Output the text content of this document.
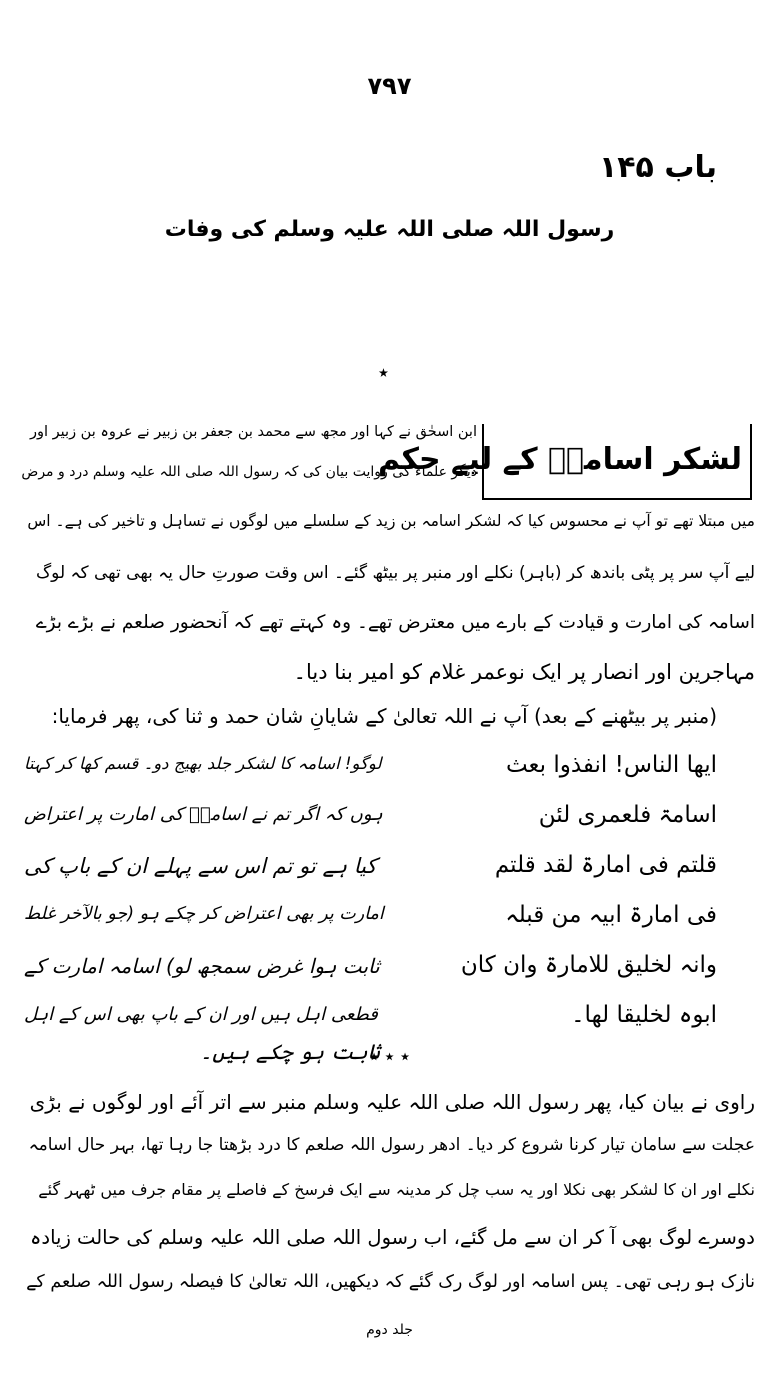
۷۹۷
باب ۱۴۵
رسول اللہ صلی اللہ علیہ وسلم کی وفات
٭
لشکر اسامہؓ کے لیے حکم
ابن اسحٰق نے کہا اور مجھ سے محمد بن جعفر بن زبیر نے عروہ بن زبیر اور
دیگر علماء کی روایت بیان کی کہ رسول اللہ صلی اللہ علیہ وسلم درد و مرض
میں مبتلا تھے تو آپ نے محسوس کیا کہ لشکر اسامہ بن زید کے سلسلے میں لوگوں نے تساہل و تاخیر کی ہے۔ اس
لیے آپ سر پر پٹی باندھ کر (باہر) نکلے اور منبر پر بیٹھ گئے۔ اس وقت صورتِ حال یہ بھی تھی کہ لوگ
اسامہ کی امارت و قیادت کے بارے میں معترض تھے۔ وہ کہتے تھے کہ آنحضور صلعم نے بڑے بڑے
مہاجرین اور انصار پر ایک نوعمر غلام کو امیر بنا دیا۔
(منبر پر بیٹھنے کے بعد) آپ نے اللہ تعالیٰ کے شایانِ شان حمد و ثنا کی، پھر فرمایا:
ایھا الناس! انفذوا بعث
اسامۃ فلعمری لئن
قلتم فی امارۃ لقد قلتم
فی امارۃ ابیہ من قبلہ
وانہ لخلیق للامارۃ وان کان
ابوہ لخلیقا لھا۔
لوگو! اسامہ کا لشکر جلد بھیج دو۔ قسم کھا کر کہتا
ہوں کہ اگر تم نے اسامہؓ کی امارت پر اعتراض
کیا ہے تو تم اس سے پہلے ان کے باپ کی
امارت پر بھی اعتراض کر چکے ہو (جو بالآخر غلط
ثابت ہوا غرض سمجھ لو) اسامہ امارت کے
قطعی اہل ہیں اور ان کے باپ بھی اس کے اہل
ثابت ہو چکے ہیں۔
٭ ٭ ٭
راوی نے بیان کیا، پھر رسول اللہ صلی اللہ علیہ وسلم منبر سے اتر آئے اور لوگوں نے بڑی
عجلت سے سامان تیار کرنا شروع کر دیا۔ ادھر رسول اللہ صلعم کا درد بڑھتا جا رہا تھا، بہر حال اسامہ
نکلے اور ان کا لشکر بھی نکلا اور یہ سب چل کر مدینہ سے ایک فرسخ کے فاصلے پر مقام جرف میں ٹھہر گئے
دوسرے لوگ بھی آ کر ان سے مل گئے، اب رسول اللہ صلی اللہ علیہ وسلم کی حالت زیادہ
نازک ہو رہی تھی۔ پس اسامہ اور لوگ رک گئے کہ دیکھیں، اللہ تعالیٰ کا فیصلہ رسول اللہ صلعم کے
جلد دوم
